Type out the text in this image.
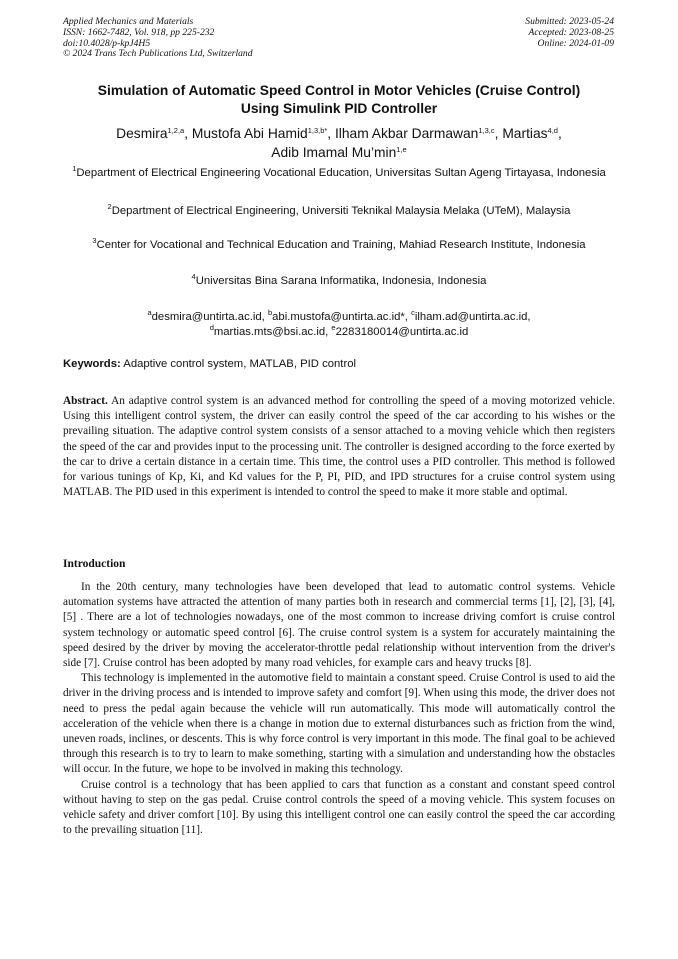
Applied Mechanics and Materials
ISSN: 1662-7482, Vol. 918, pp 225-232
doi:10.4028/p-kpJ4H5
© 2024 Trans Tech Publications Ltd, Switzerland
Submitted: 2023-05-24
Accepted: 2023-08-25
Online: 2024-01-09
Simulation of Automatic Speed Control in Motor Vehicles (Cruise Control) Using Simulink PID Controller
Desmira$^{1,2,a}$, Mustofa Abi Hamid$^{1,3,b*}$, Ilham Akbar Darmawan$^{1,3,c}$, Martias$^{4,d}$,
Adib Imamal $Mu’\min^{1,e}$
$^1$Department of Electrical Engineering Vocational Education, Universitas Sultan Ageng Tirtayasa, Indonesia
$^2$Department of Electrical Engineering, Universiti Teknikal Malaysia Melaka (UTeM), Malaysia
$^3$Center for Vocational and Technical Education and Training, Mahiad Research Institute, Indonesia
$^4$Universitas Bina Sarana Informatika, Indonesia, Indonesia
$^a$desmira@untirta.ac.id, $^b$abi.mustofa@untirta.ac.id*, $^c$ilham.ad@untirta.ac.id,
$^d$martias.mts@bsi.ac.id, $^e$2283180014@untirta.ac.id
Keywords: Adaptive control system, MATLAB, PID control

Abstract. An adaptive control system is an advanced method for controlling the speed of a moving motorized vehicle. Using this intelligent control system, the driver can easily control the speed of the car according to his wishes or the prevailing situation. The adaptive control system consists of a sensor attached to a moving vehicle which then registers the speed of the car and provides input to the processing unit. The controller is designed according to the force exerted by the car to drive a certain distance in a certain time. This time, the control uses a PID controller. This method is followed for various tunings of Kp, Ki, and Kd values for the P, PI, PID, and IPD structures for a cruise control system using MATLAB. The PID used in this experiment is intended to control the speed to make it more stable and optimal.

Introduction

In the 20th century, many technologies have been developed that lead to automatic control systems. Vehicle automation systems have attracted the attention of many parties both in research and commercial terms [1], [2], [3], [4], [5] . There are a lot of technologies nowadays, one of the most common to increase driving comfort is cruise control system technology or automatic speed control [6]. The cruise control system is a system for accurately maintaining the speed desired by the driver by moving the accelerator-throttle pedal relationship without intervention from the driver's side [7]. Cruise control has been adopted by many road vehicles, for example cars and heavy trucks [8].

This technology is implemented in the automotive field to maintain a constant speed. Cruise Control is used to aid the driver in the driving process and is intended to improve safety and comfort [9]. When using this mode, the driver does not need to press the pedal again because the vehicle will run automatically. This mode will automatically control the acceleration of the vehicle when there is a change in motion due to external disturbances such as friction from the wind, uneven roads, inclines, or descents. This is why force control is very important in this mode. The final goal to be achieved through this research is to try to learn to make something, starting with a simulation and understanding how the obstacles will occur. In the future, we hope to be involved in making this technology.

Cruise control is a technology that has been applied to cars that function as a constant and constant speed control without having to step on the gas pedal. Cruise control controls the speed of a moving vehicle. This system focuses on vehicle safety and driver comfort [10]. By using this intelligent control one can easily control the speed the car according to the prevailing situation [11].
